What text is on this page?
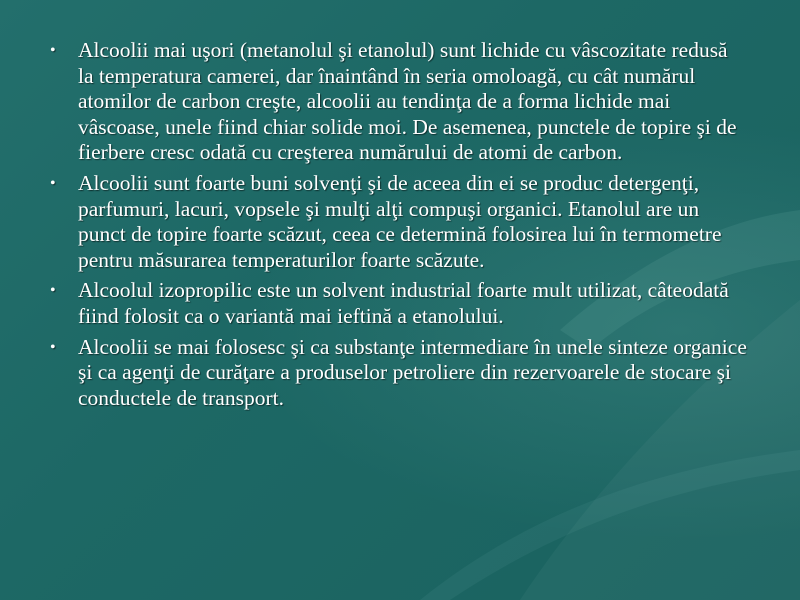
• Alcoolii mai uşori (metanolul şi etanolul) sunt lichide cu vâscozitate redusă la temperatura camerei, dar înaintând în seria omoloagă, cu cât numărul atomilor de carbon creşte, alcoolii au tendinţa de a forma lichide mai vâscoase, unele fiind chiar solide moi. De asemenea, punctele de topire şi de fierbere cresc odată cu creşterea numărului de atomi de carbon.
• Alcoolii sunt foarte buni solvenţi şi de aceea din ei se produc detergenţi, parfumuri, lacuri, vopsele şi mulţi alţi compuşi organici. Etanolul are un punct de topire foarte scăzut, ceea ce determină folosirea lui în termometre pentru măsurarea temperaturilor foarte scăzute.
• Alcoolul izopropilic este un solvent industrial foarte mult utilizat, câteodată fiind folosit ca o variantă mai ieftină a etanolului.
• Alcoolii se mai folosesc şi ca substanţe intermediare în unele sinteze organice şi ca agenţi de curăţare a produselor petroliere din rezervoarele de stocare şi conductele de transport.
